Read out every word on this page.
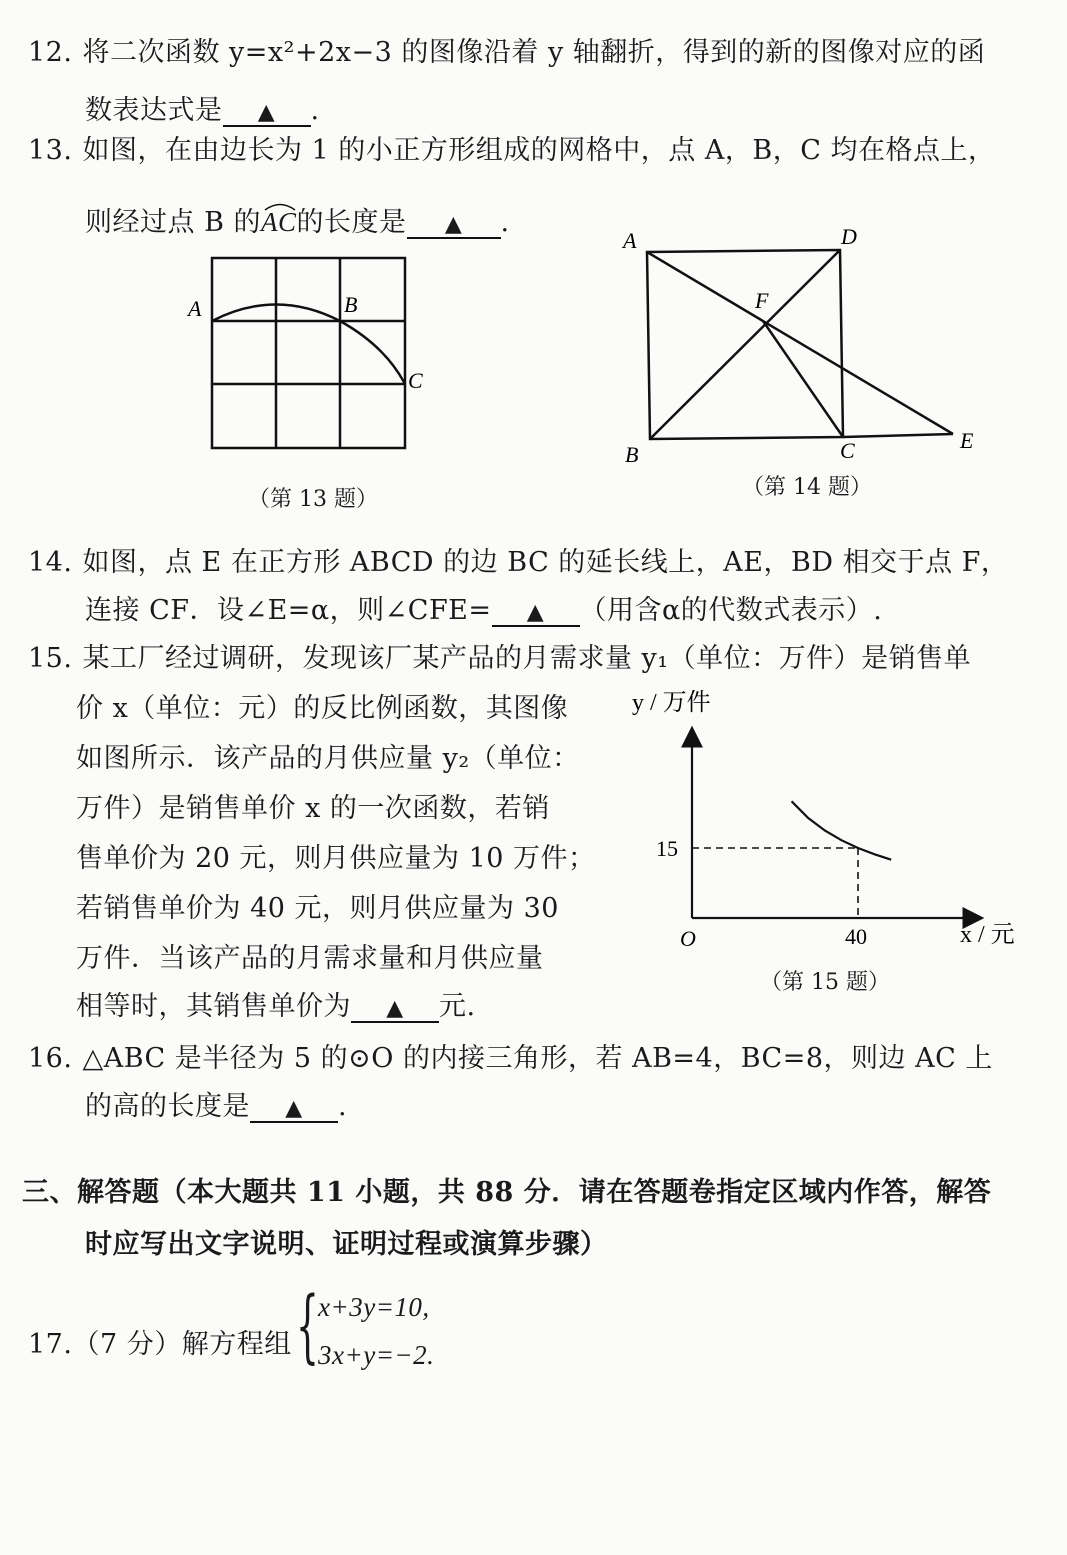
12. 将二次函数 y=x²+2x−3 的图像沿着 y 轴翻折，得到的新的图像对应的函
数表达式是 ▲ .
13. 如图，在由边长为 1 的小正方形组成的网格中，点 A，B，C 均在格点上，
则经过点 B 的
AC的长度是 ▲ .
A	B
C
（第 13 题）
A	D
F
B	C	E
（第 14 题）
14. 如图，点 E 在正方形 ABCD 的边 BC 的延长线上，AE，BD 相交于点 F，
连接 CF．设∠E=α，则∠CFE= ▲ （用含α的代数式表示）.
15. 某工厂经过调研，发现该厂某产品的月需求量 y₁（单位：万件）是销售单
价 x（单位：元）的反比例函数，其图像
如图所示．该产品的月供应量 y₂（单位：
万件）是销售单价 x 的一次函数，若销
售单价为 20 元，则月供应量为 10 万件；
若销售单价为 40 元，则月供应量为 30
万件．当该产品的月需求量和月供应量
相等时，其销售单价为 ▲ 元.
y / 万件
x / 元
O
15
40
（第 15 题）
16. △ABC 是半径为 5 的⊙O 的内接三角形，若 AB=4，BC=8，则边 AC 上
的高的长度是 ▲ .
三、解答题（本大题共 11 小题，共 88 分．请在答题卷指定区域内作答，解答
时应写出文字说明、证明过程或演算步骤）
17.（7 分）解方程组 { x+3y=10,
3x+y=−2.
